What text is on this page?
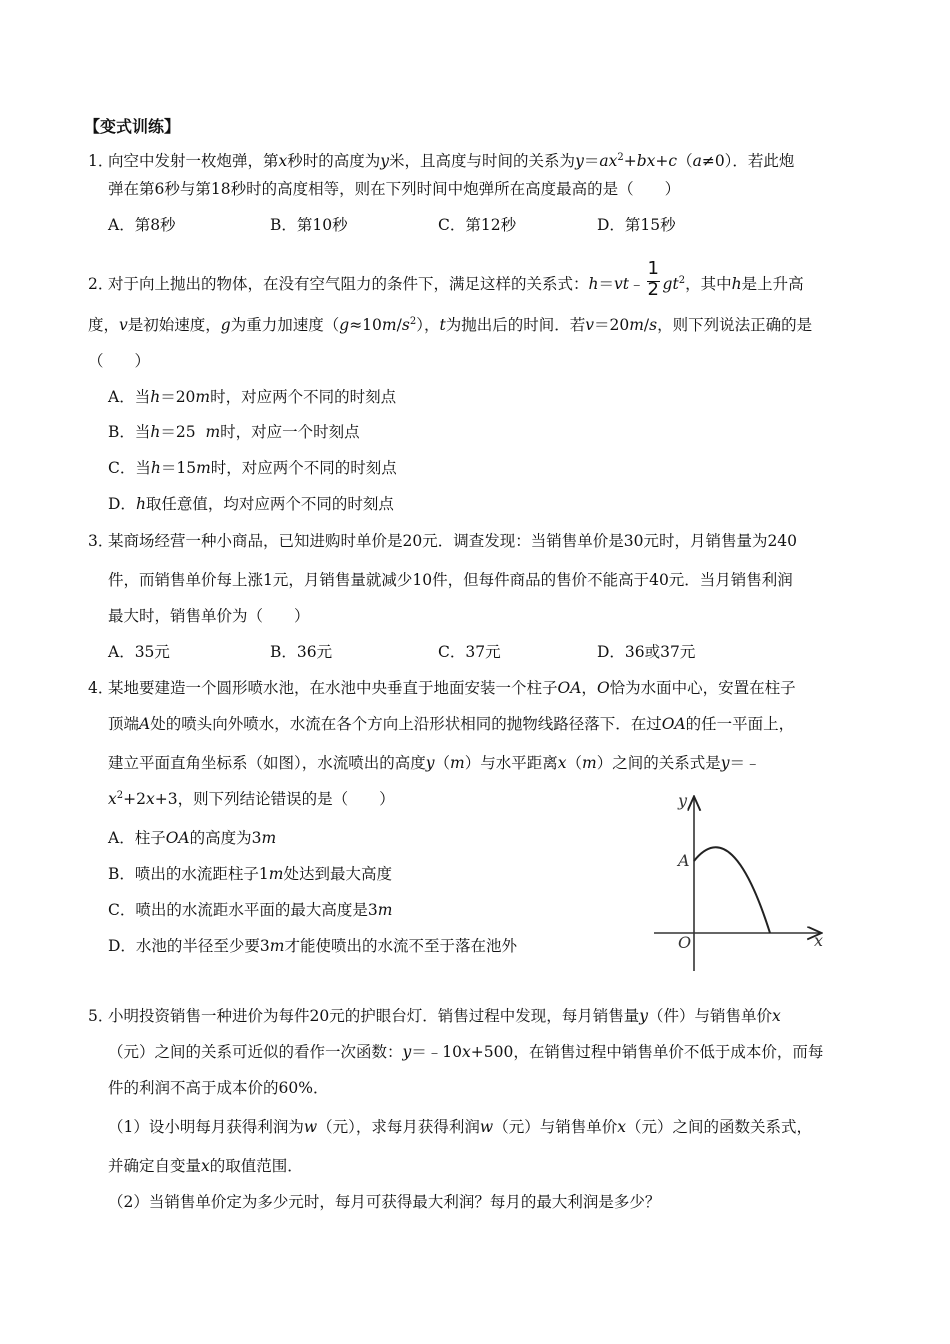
【变式训练】
1．
向空中发射一枚炮弹，第x秒时的高度为y米，且高度与时间的关系为$y=ax^2+bx+c(a\ne 0)$．若此炮
弹在第6秒与第18秒时的高度相等，则在下列时间中炮弹所在高度最高的是（　　）
A．第8秒	B．第10秒	C．第12秒	D．第15秒
2．
对于向上抛出的物体，在没有空气阻力的条件下，满足这样的关系式：h＝vt﹣ $\frac{1}{2} gt^2$，其中h是上升高
度，v是初始速度，g为重力加速度$(g\approx 10m/s^2)$，t为抛出后的时间．若v＝20m/s，则下列说法正确的是
（　　）
A．当h＝20m时，对应两个不同的时刻点
B．当h＝25 m时，对应一个时刻点
C．当h＝15m时，对应两个不同的时刻点
D．h取任意值，均对应两个不同的时刻点
3．
某商场经营一种小商品，已知进购时单价是20元．调查发现：当销售单价是30元时，月销售量为240
件，而销售单价每上涨1元，月销售量就减少10件，但每件商品的售价不能高于40元．当月销售利润
最大时，销售单价为（　　）
A．35元	B．36元	C．37元	D．36或37元
4．
某地要建造一个圆形喷水池，在水池中央垂直于地面安装一个柱子OA，O恰为水面中心，安置在柱子
顶端A处的喷头向外喷水，水流在各个方向上沿形状相同的抛物线路径落下．在过OA的任一平面上，
建立平面直角坐标系（如图），水流喷出的高度y（m）与水平距离x（m）之间的关系式是y＝﹣
$x^2+2x+3$，则下列结论错误的是（　　）
A．柱子OA的高度为3m
B．喷出的水流距柱子1m处达到最大高度
C．喷出的水流距水平面的最大高度是3m
D．水池的半径至少要3m才能使喷出的水流不至于落在池外
y
x
O
A
5．
小明投资销售一种进价为每件20元的护眼台灯．销售过程中发现，每月销售量y（件）与销售单价x
（元）之间的关系可近似的看作一次函数：y＝﹣10x+500，在销售过程中销售单价不低于成本价，而每
件的利润不高于成本价的60%．
（1）设小明每月获得利润为w（元），求每月获得利润w（元）与销售单价x（元）之间的函数关系式，
并确定自变量x的取值范围．
（2）当销售单价定为多少元时，每月可获得最大利润？每月的最大利润是多少？
